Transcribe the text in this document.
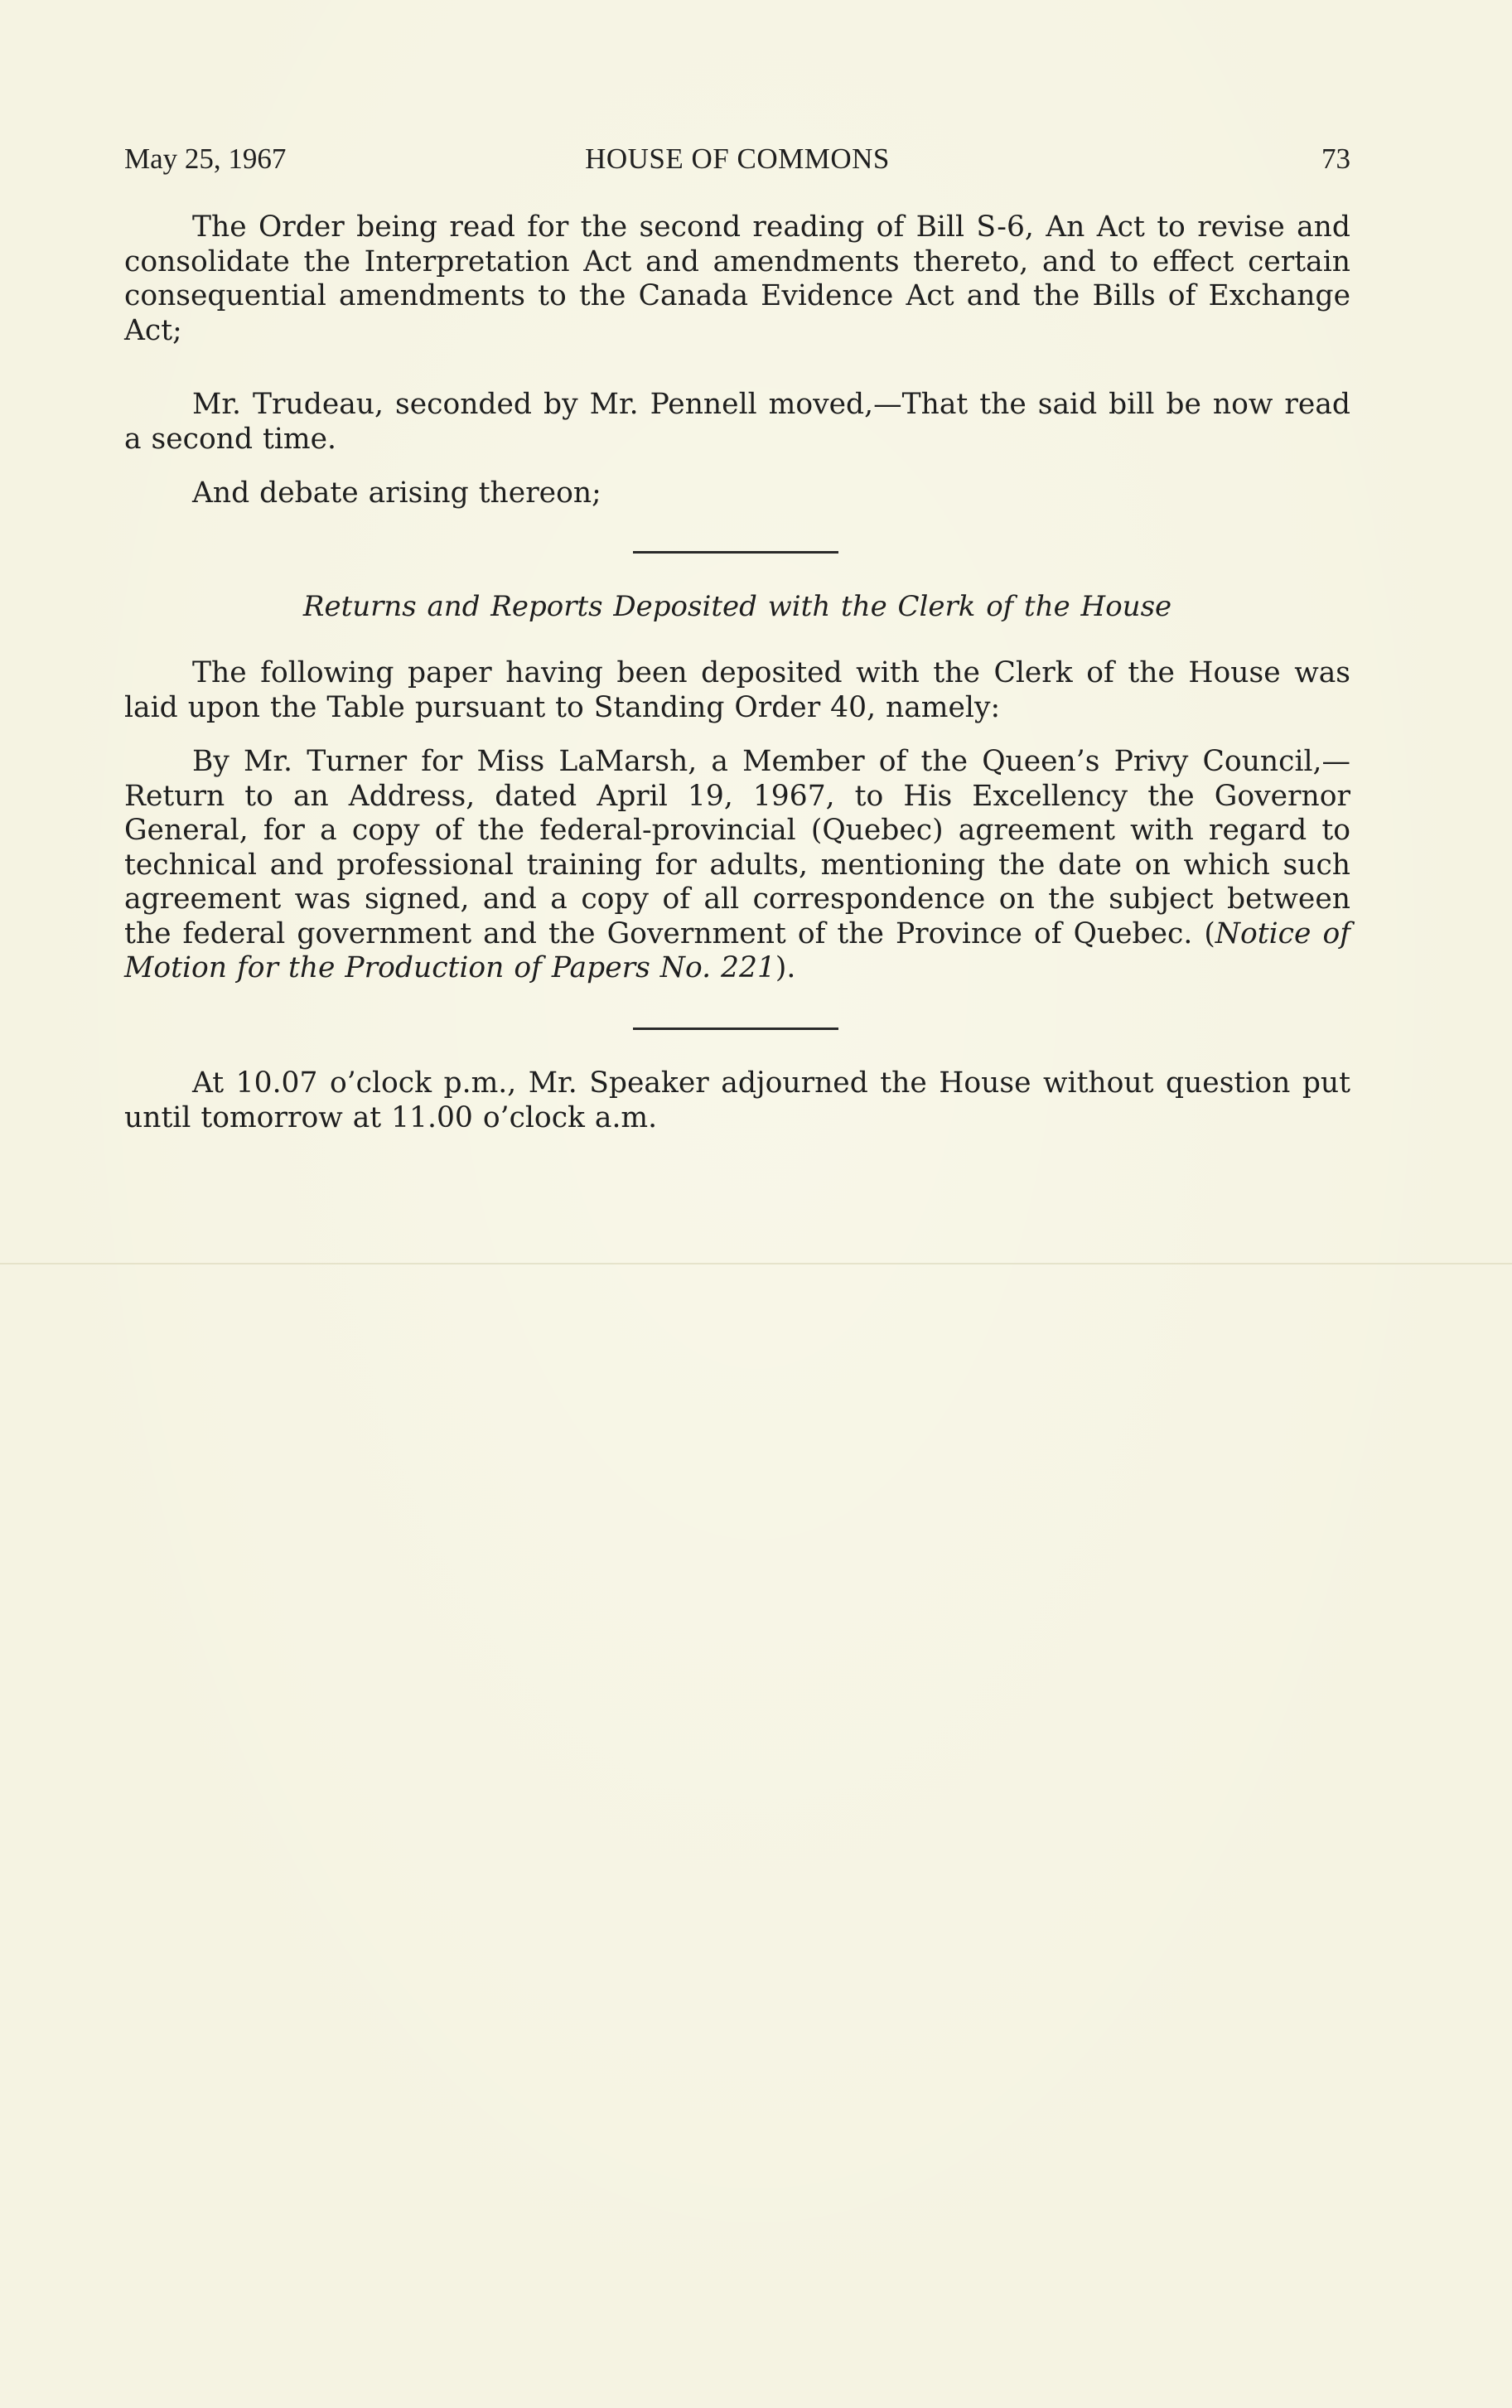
May 25, 1967	HOUSE OF COMMONS	73

The Order being read for the second reading of Bill S-6, An Act to revise and consolidate the Interpretation Act and amendments thereto, and to effect certain consequential amendments to the Canada Evidence Act and the Bills of Exchange Act;

Mr. Trudeau, seconded by Mr. Pennell moved,—That the said bill be now read a second time.

And debate arising thereon;

Returns and Reports Deposited with the Clerk of the House

The following paper having been deposited with the Clerk of the House was laid upon the Table pursuant to Standing Order 40, namely:

By Mr. Turner for Miss LaMarsh, a Member of the Queen’s Privy Council,—Return to an Address, dated April 19, 1967, to His Excellency the Governor General, for a copy of the federal-provincial (Quebec) agreement with regard to technical and professional training for adults, mentioning the date on which such agreement was signed, and a copy of all correspondence on the subject between the federal government and the Government of the Province of Quebec. (Notice of Motion for the Production of Papers No. 221).

At 10.07 o’clock p.m., Mr. Speaker adjourned the House without question put until tomorrow at 11.00 o’clock a.m.
